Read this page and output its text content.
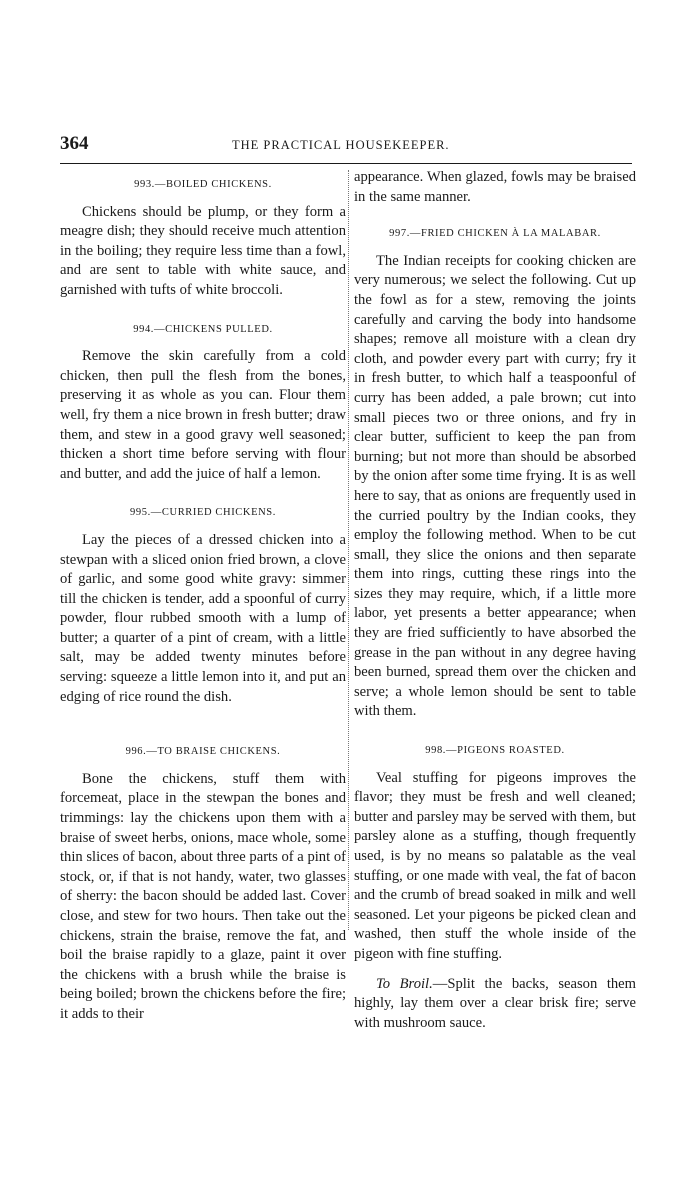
364	THE PRACTICAL HOUSEKEEPER.
993.—BOILED CHICKENS.

Chickens should be plump, or they form a meagre dish; they should receive much attention in the boiling; they require less time than a fowl, and are sent to table with white sauce, and garnished with tufts of white broccoli.

994.—CHICKENS PULLED.

Remove the skin carefully from a cold chicken, then pull the flesh from the bones, preserving it as whole as you can. Flour them well, fry them a nice brown in fresh butter; draw them, and stew in a good gravy well seasoned; thicken a short time before serving with flour and butter, and add the juice of half a lemon.

995.—CURRIED CHICKENS.

Lay the pieces of a dressed chicken into a stewpan with a sliced onion fried brown, a clove of garlic, and some good white gravy: simmer till the chicken is tender, add a spoonful of curry powder, flour rubbed smooth with a lump of butter; a quarter of a pint of cream, with a little salt, may be added twenty minutes before serving: squeeze a little lemon into it, and put an edging of rice round the dish.

996.—TO BRAISE CHICKENS.

Bone the chickens, stuff them with forcemeat, place in the stewpan the bones and trimmings: lay the chickens upon them with a braise of sweet herbs, onions, mace whole, some thin slices of bacon, about three parts of a pint of stock, or, if that is not handy, water, two glasses of sherry: the bacon should be added last. Cover close, and stew for two hours. Then take out the chickens, strain the braise, remove the fat, and boil the braise rapidly to a glaze, paint it over the chickens with a brush while the braise is being boiled; brown the chickens before the fire; it adds to their

appearance. When glazed, fowls may be braised in the same manner.

997.—FRIED CHICKEN À LA MALABAR.

The Indian receipts for cooking chicken are very numerous; we select the following. Cut up the fowl as for a stew, removing the joints carefully and carving the body into handsome shapes; remove all moisture with a clean dry cloth, and powder every part with curry; fry it in fresh butter, to which half a teaspoonful of curry has been added, a pale brown; cut into small pieces two or three onions, and fry in clear butter, sufficient to keep the pan from burning; but not more than should be absorbed by the onion after some time frying. It is as well here to say, that as onions are frequently used in the curried poultry by the Indian cooks, they employ the following method. When to be cut small, they slice the onions and then separate them into rings, cutting these rings into the sizes they may require, which, if a little more labor, yet presents a better appearance; when they are fried sufficiently to have absorbed the grease in the pan without in any degree having been burned, spread them over the chicken and serve; a whole lemon should be sent to table with them.

998.—PIGEONS ROASTED.

Veal stuffing for pigeons improves the flavor; they must be fresh and well cleaned; butter and parsley may be served with them, but parsley alone as a stuffing, though frequently used, is by no means so palatable as the veal stuffing, or one made with veal, the fat of bacon and the crumb of bread soaked in milk and well seasoned. Let your pigeons be picked clean and washed, then stuff the whole inside of the pigeon with fine stuffing.

To Broil.—Split the backs, season them highly, lay them over a clear brisk fire; serve with mushroom sauce.
